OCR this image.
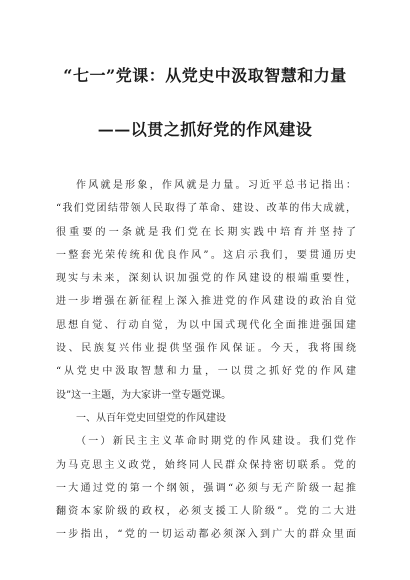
“七一”党课：从党史中汲取智慧和力量
——以贯之抓好党的作风建设
作风就是形象，作风就是力量。习近平总书记指出：
“我们党团结带领人民取得了革命、建设、改革的伟大成就，
很重要的一条就是我们党在长期实践中培育并坚持了
一整套光荣传统和优良作风”。这启示我们，要贯通历史
现实与未来，深刻认识加强党的作风建设的根端重要性，
进一步增强在新征程上深入推进党的作风建设的政治自觉
思想自觉、行动自觉，为以中国式现代化全面推进强国建
设、民族复兴伟业提供坚强作风保证。今天，我将围绕
“从党史中汲取智慧和力量，一以贯之抓好党的作风建
设”这一主题，为大家讲一堂专题党课。
一、从百年党史回望党的作风建设
（一）新民主主义革命时期党的作风建设。我们党作
为马克思主义政党，始终同人民群众保持密切联系。党的
一大通过党的第一个纲领，强调“必须与无产阶级一起推
翻资本家阶级的政权，必须支援工人阶级”。党的二大进
一步指出，“党的一切运动都必须深入到广大的群众里面
